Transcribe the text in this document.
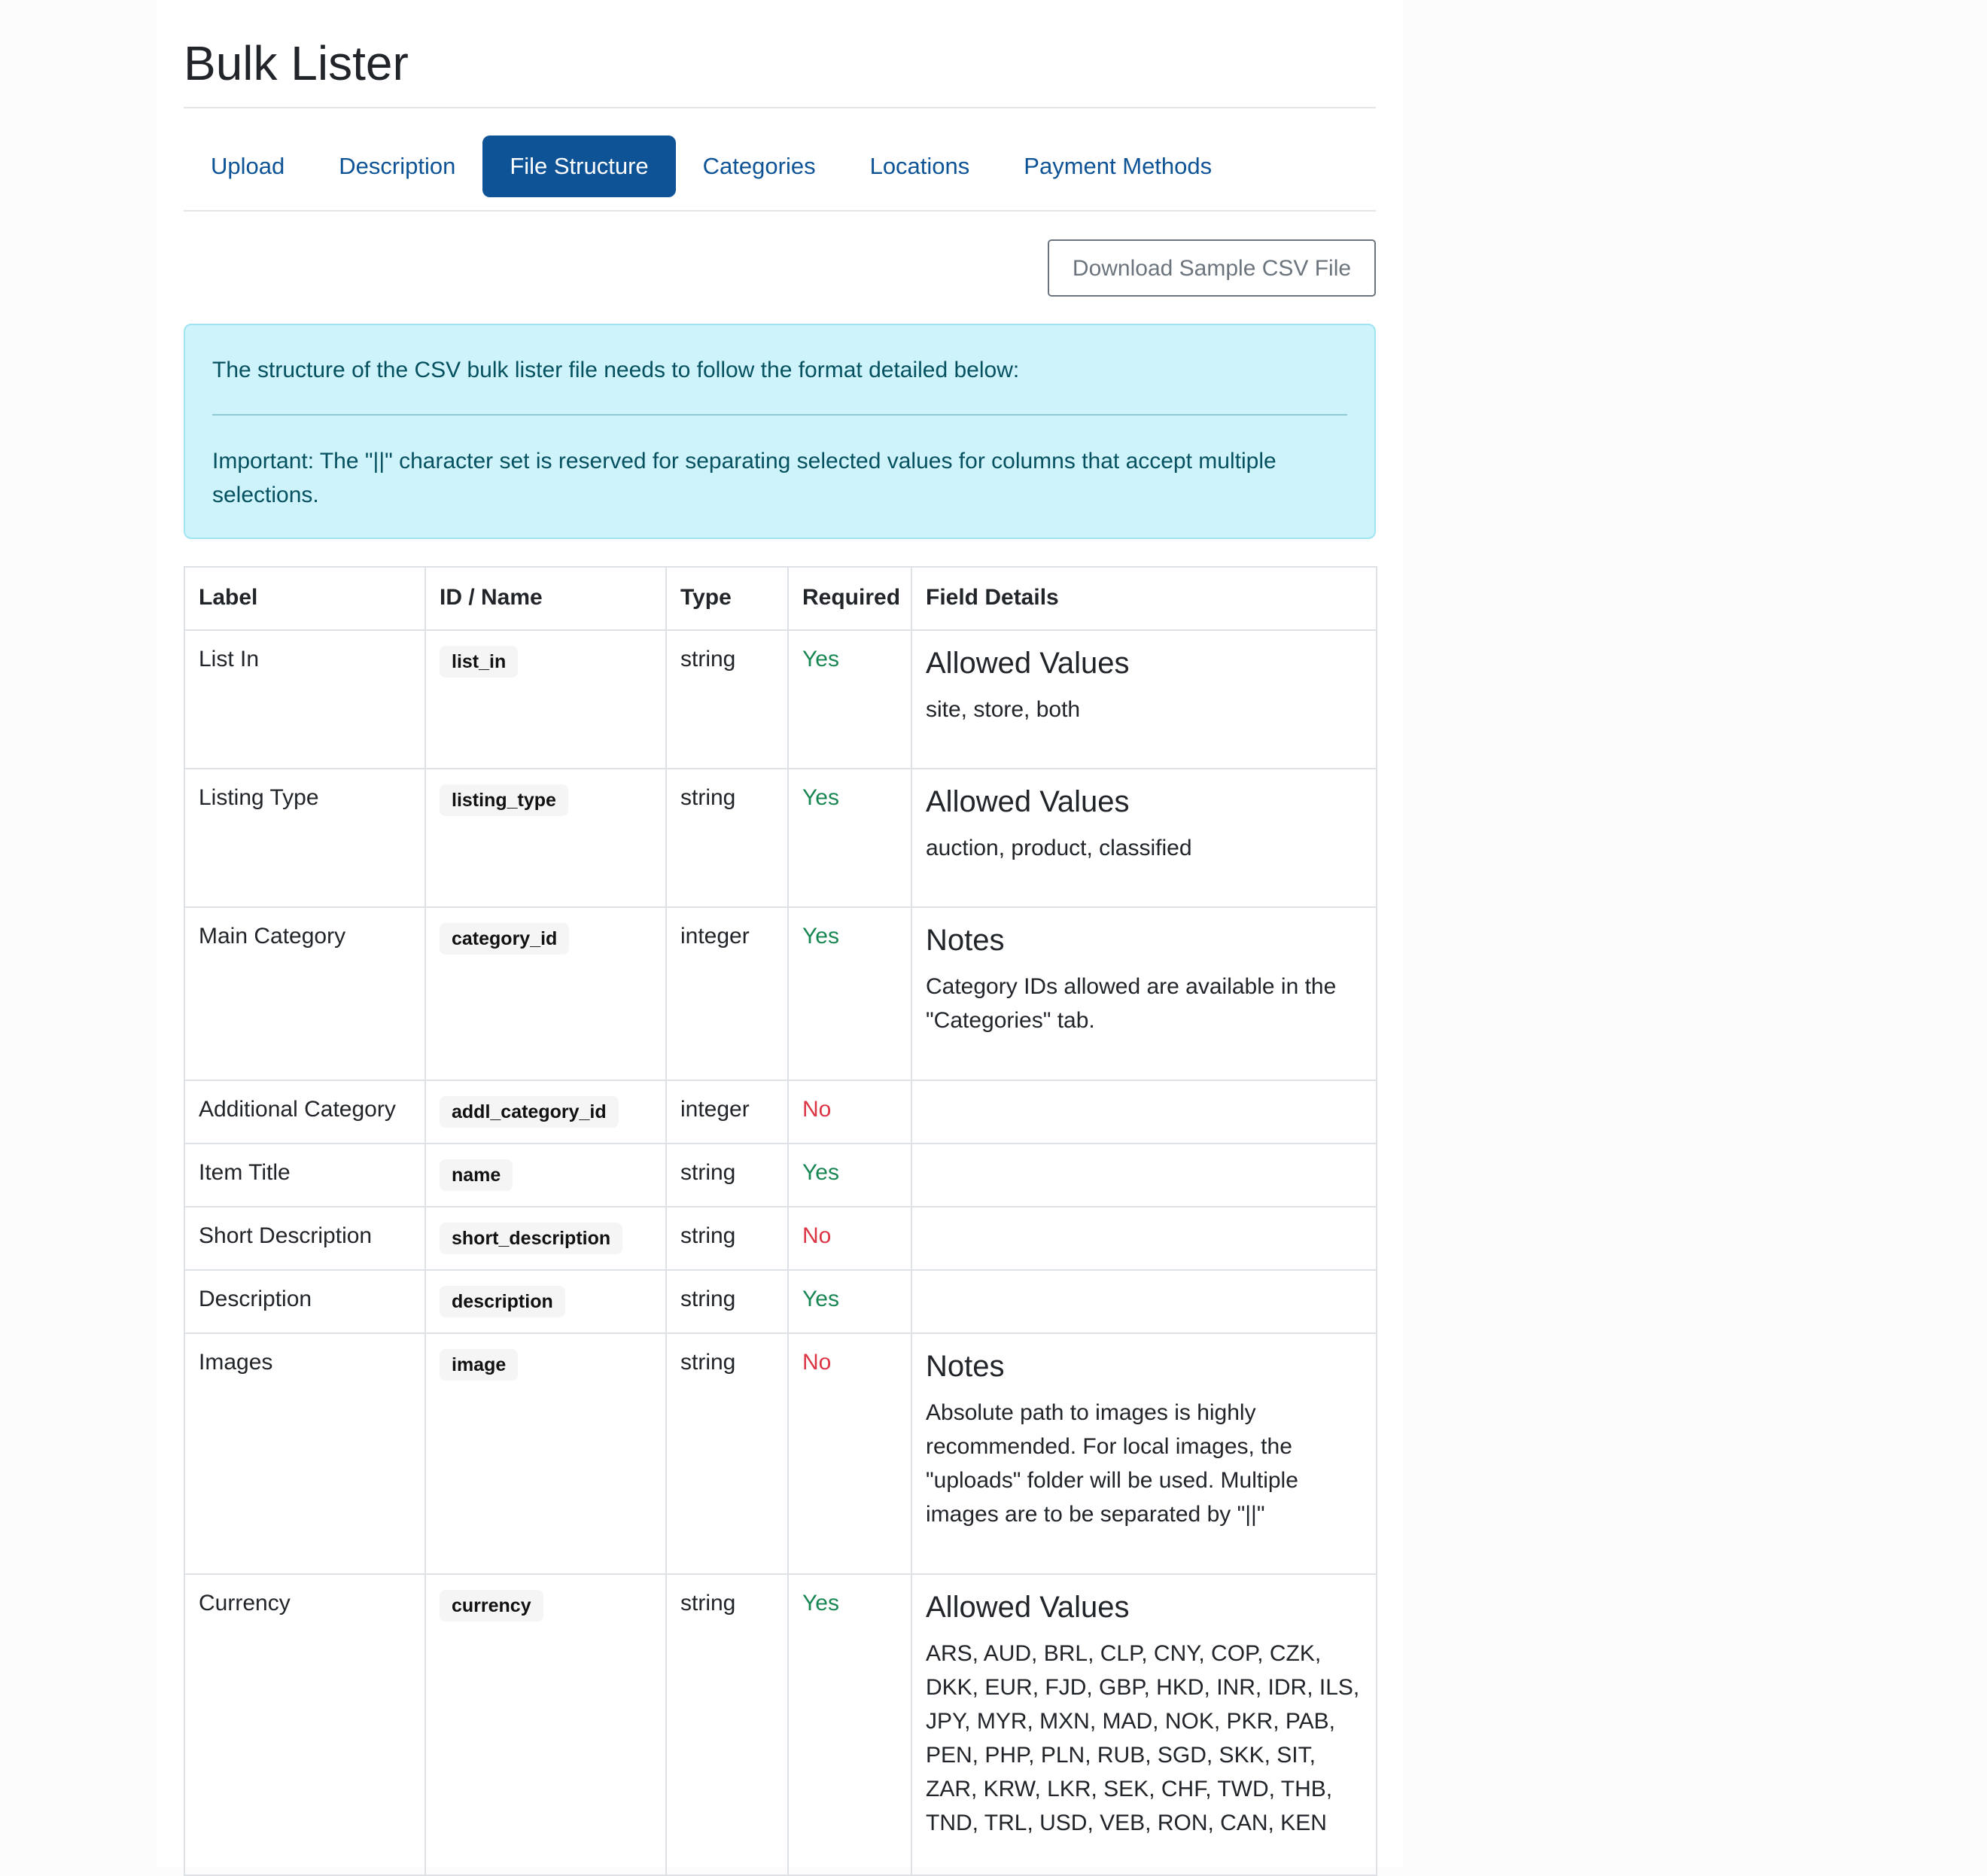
Bulk Lister
Upload	Description	File Structure	Categories	Locations	Payment Methods
Download Sample CSV File
The structure of the CSV bulk lister file needs to follow the format detailed below:
Important: The "||" character set is reserved for separating selected values for columns that accept multiple selections.
Label	ID / Name	Type	Required	Field Details
List In	list_in	string	Yes	Allowed Values
site, store, both

Listing Type	listing_type	string	Yes	Allowed Values
auction, product, classified

Main Category	category_id	integer	Yes	Notes
Category IDs allowed are available in the "Categories" tab.

Additional Category	addl_category_id	integer	No	
Item Title	name	string	Yes	
Short Description	short_description	string	No	
Description	description	string	Yes	
Images	image	string	No	Notes
Absolute path to images is highly recommended. For local images, the "uploads" folder will be used. Multiple images are to be separated by "||"

Currency	currency	string	Yes	Allowed Values
ARS, AUD, BRL, CLP, CNY, COP, CZK, DKK, EUR, FJD, GBP, HKD, INR, IDR, ILS, JPY, MYR, MXN, MAD, NOK, PKR, PAB, PEN, PHP, PLN, RUB, SGD, SKK, SIT, ZAR, KRW, LKR, SEK, CHF, TWD, THB, TND, TRL, USD, VEB, RON, CAN, KEN
